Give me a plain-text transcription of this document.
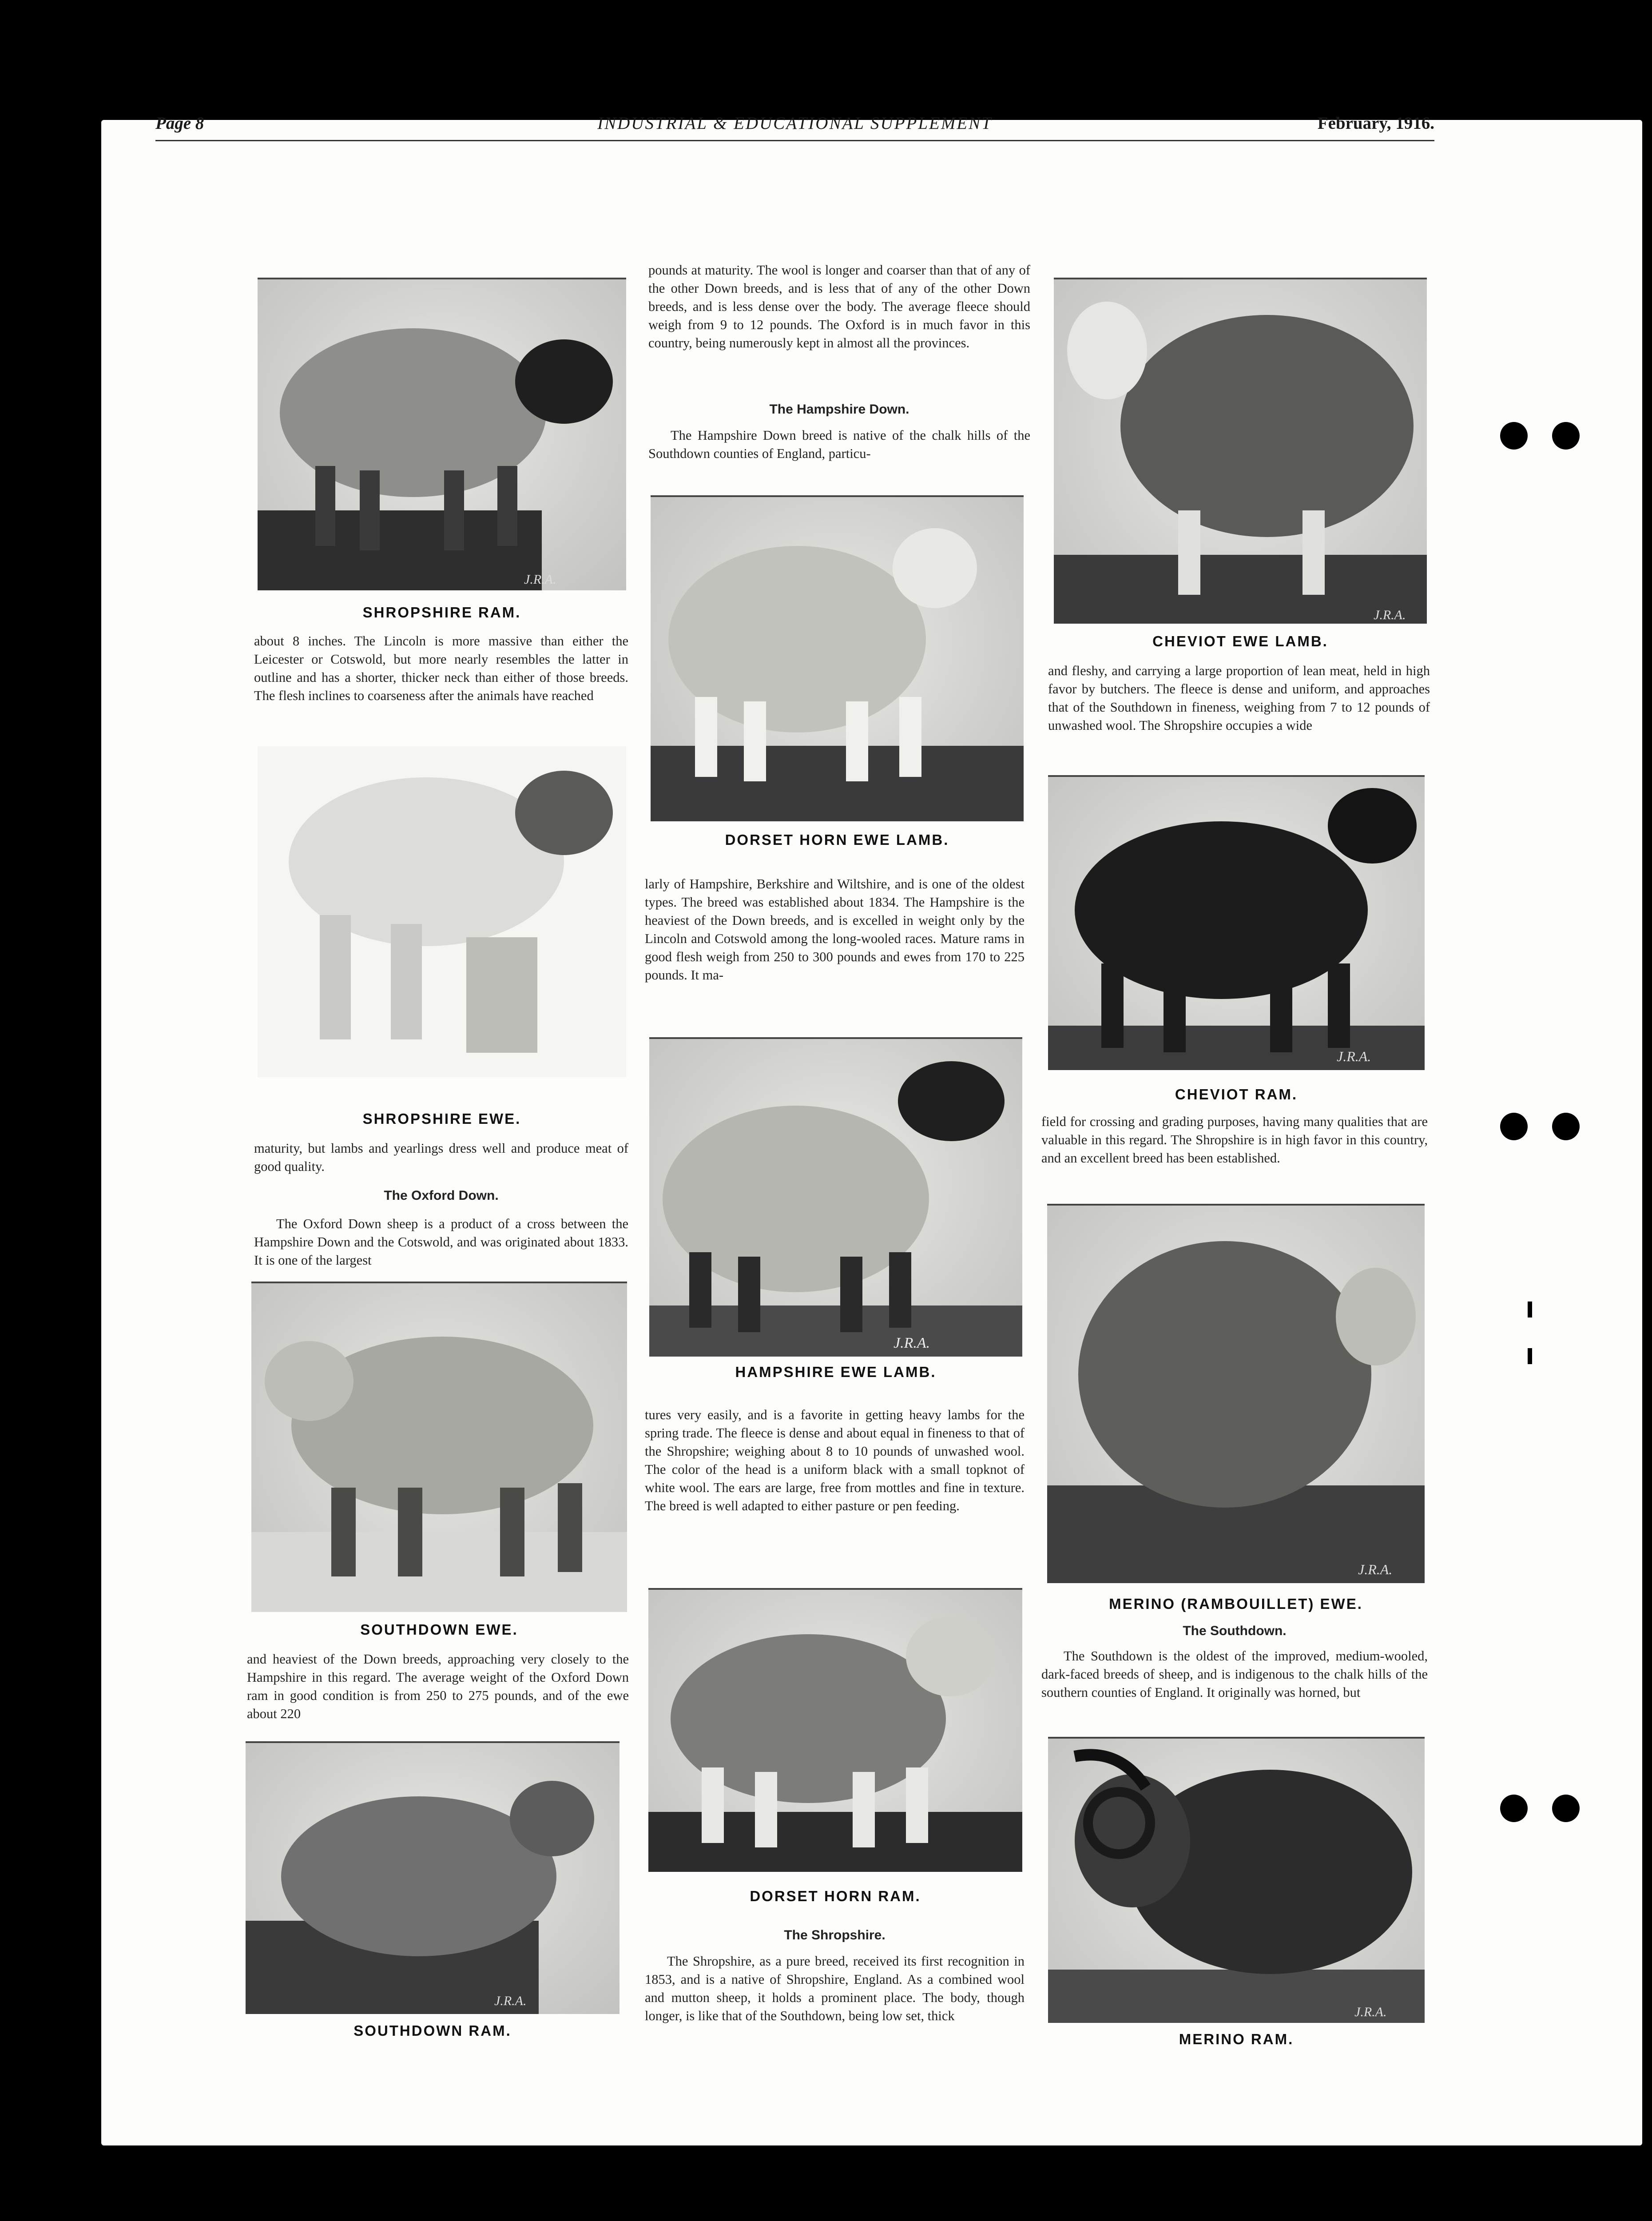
Page 8	INDUSTRIAL & EDUCATIONAL SUPPLEMENT	February, 1916.
J.R.A.
SHROPSHIRE RAM.
about 8 inches. The Lincoln is more massive than either the Leicester or Cotswold, but more nearly resembles the latter in outline and has a shorter, thicker neck than either of those breeds. The flesh inclines to coarseness after the animals have reached
SHROPSHIRE EWE.
maturity, but lambs and yearlings dress well and produce meat of good quality.
The Oxford Down.
The Oxford Down sheep is a product of a cross between the Hampshire Down and the Cotswold, and was originated about 1833. It is one of the largest
SOUTHDOWN EWE.
and heaviest of the Down breeds, approaching very closely to the Hampshire in this regard. The average weight of the Oxford Down ram in good condition is from 250 to 275 pounds, and of the ewe about 220
J.R.A.
SOUTHDOWN RAM.
pounds at maturity. The wool is longer and coarser than that of any of the other Down breeds, and is less that of any of the other Down breeds, and is less dense over the body. The average fleece should weigh from 9 to 12 pounds. The Oxford is in much favor in this country, being numerously kept in almost all the provinces.
The Hampshire Down.
The Hampshire Down breed is native of the chalk hills of the Southdown counties of England, particu-
DORSET HORN EWE LAMB.
larly of Hampshire, Berkshire and Wiltshire, and is one of the oldest types. The breed was established about 1834. The Hampshire is the heaviest of the Down breeds, and is excelled in weight only by the Lincoln and Cotswold among the long-wooled races. Mature rams in good flesh weigh from 250 to 300 pounds and ewes from 170 to 225 pounds. It ma-
J.R.A.
HAMPSHIRE EWE LAMB.
tures very easily, and is a favorite in getting heavy lambs for the spring trade. The fleece is dense and about equal in fineness to that of the Shropshire; weighing about 8 to 10 pounds of unwashed wool. The color of the head is a uniform black with a small topknot of white wool. The ears are large, free from mottles and fine in texture. The breed is well adapted to either pasture or pen feeding.
DORSET HORN RAM.
The Shropshire.
The Shropshire, as a pure breed, received its first recognition in 1853, and is a native of Shropshire, England. As a combined wool and mutton sheep, it holds a prominent place. The body, though longer, is like that of the Southdown, being low set, thick
J.R.A.
CHEVIOT EWE LAMB.
and fleshy, and carrying a large proportion of lean meat, held in high favor by butchers. The fleece is dense and uniform, and approaches that of the Southdown in fineness, weighing from 7 to 12 pounds of unwashed wool. The Shropshire occupies a wide
J.R.A.
CHEVIOT RAM.
field for crossing and grading purposes, having many qualities that are valuable in this regard. The Shropshire is in high favor in this country, and an excellent breed has been established.
J.R.A.
MERINO (RAMBOUILLET) EWE.
The Southdown.
The Southdown is the oldest of the improved, medium-wooled, dark-faced breeds of sheep, and is indigenous to the chalk hills of the southern counties of England. It originally was horned, but
J.R.A.
MERINO RAM.
